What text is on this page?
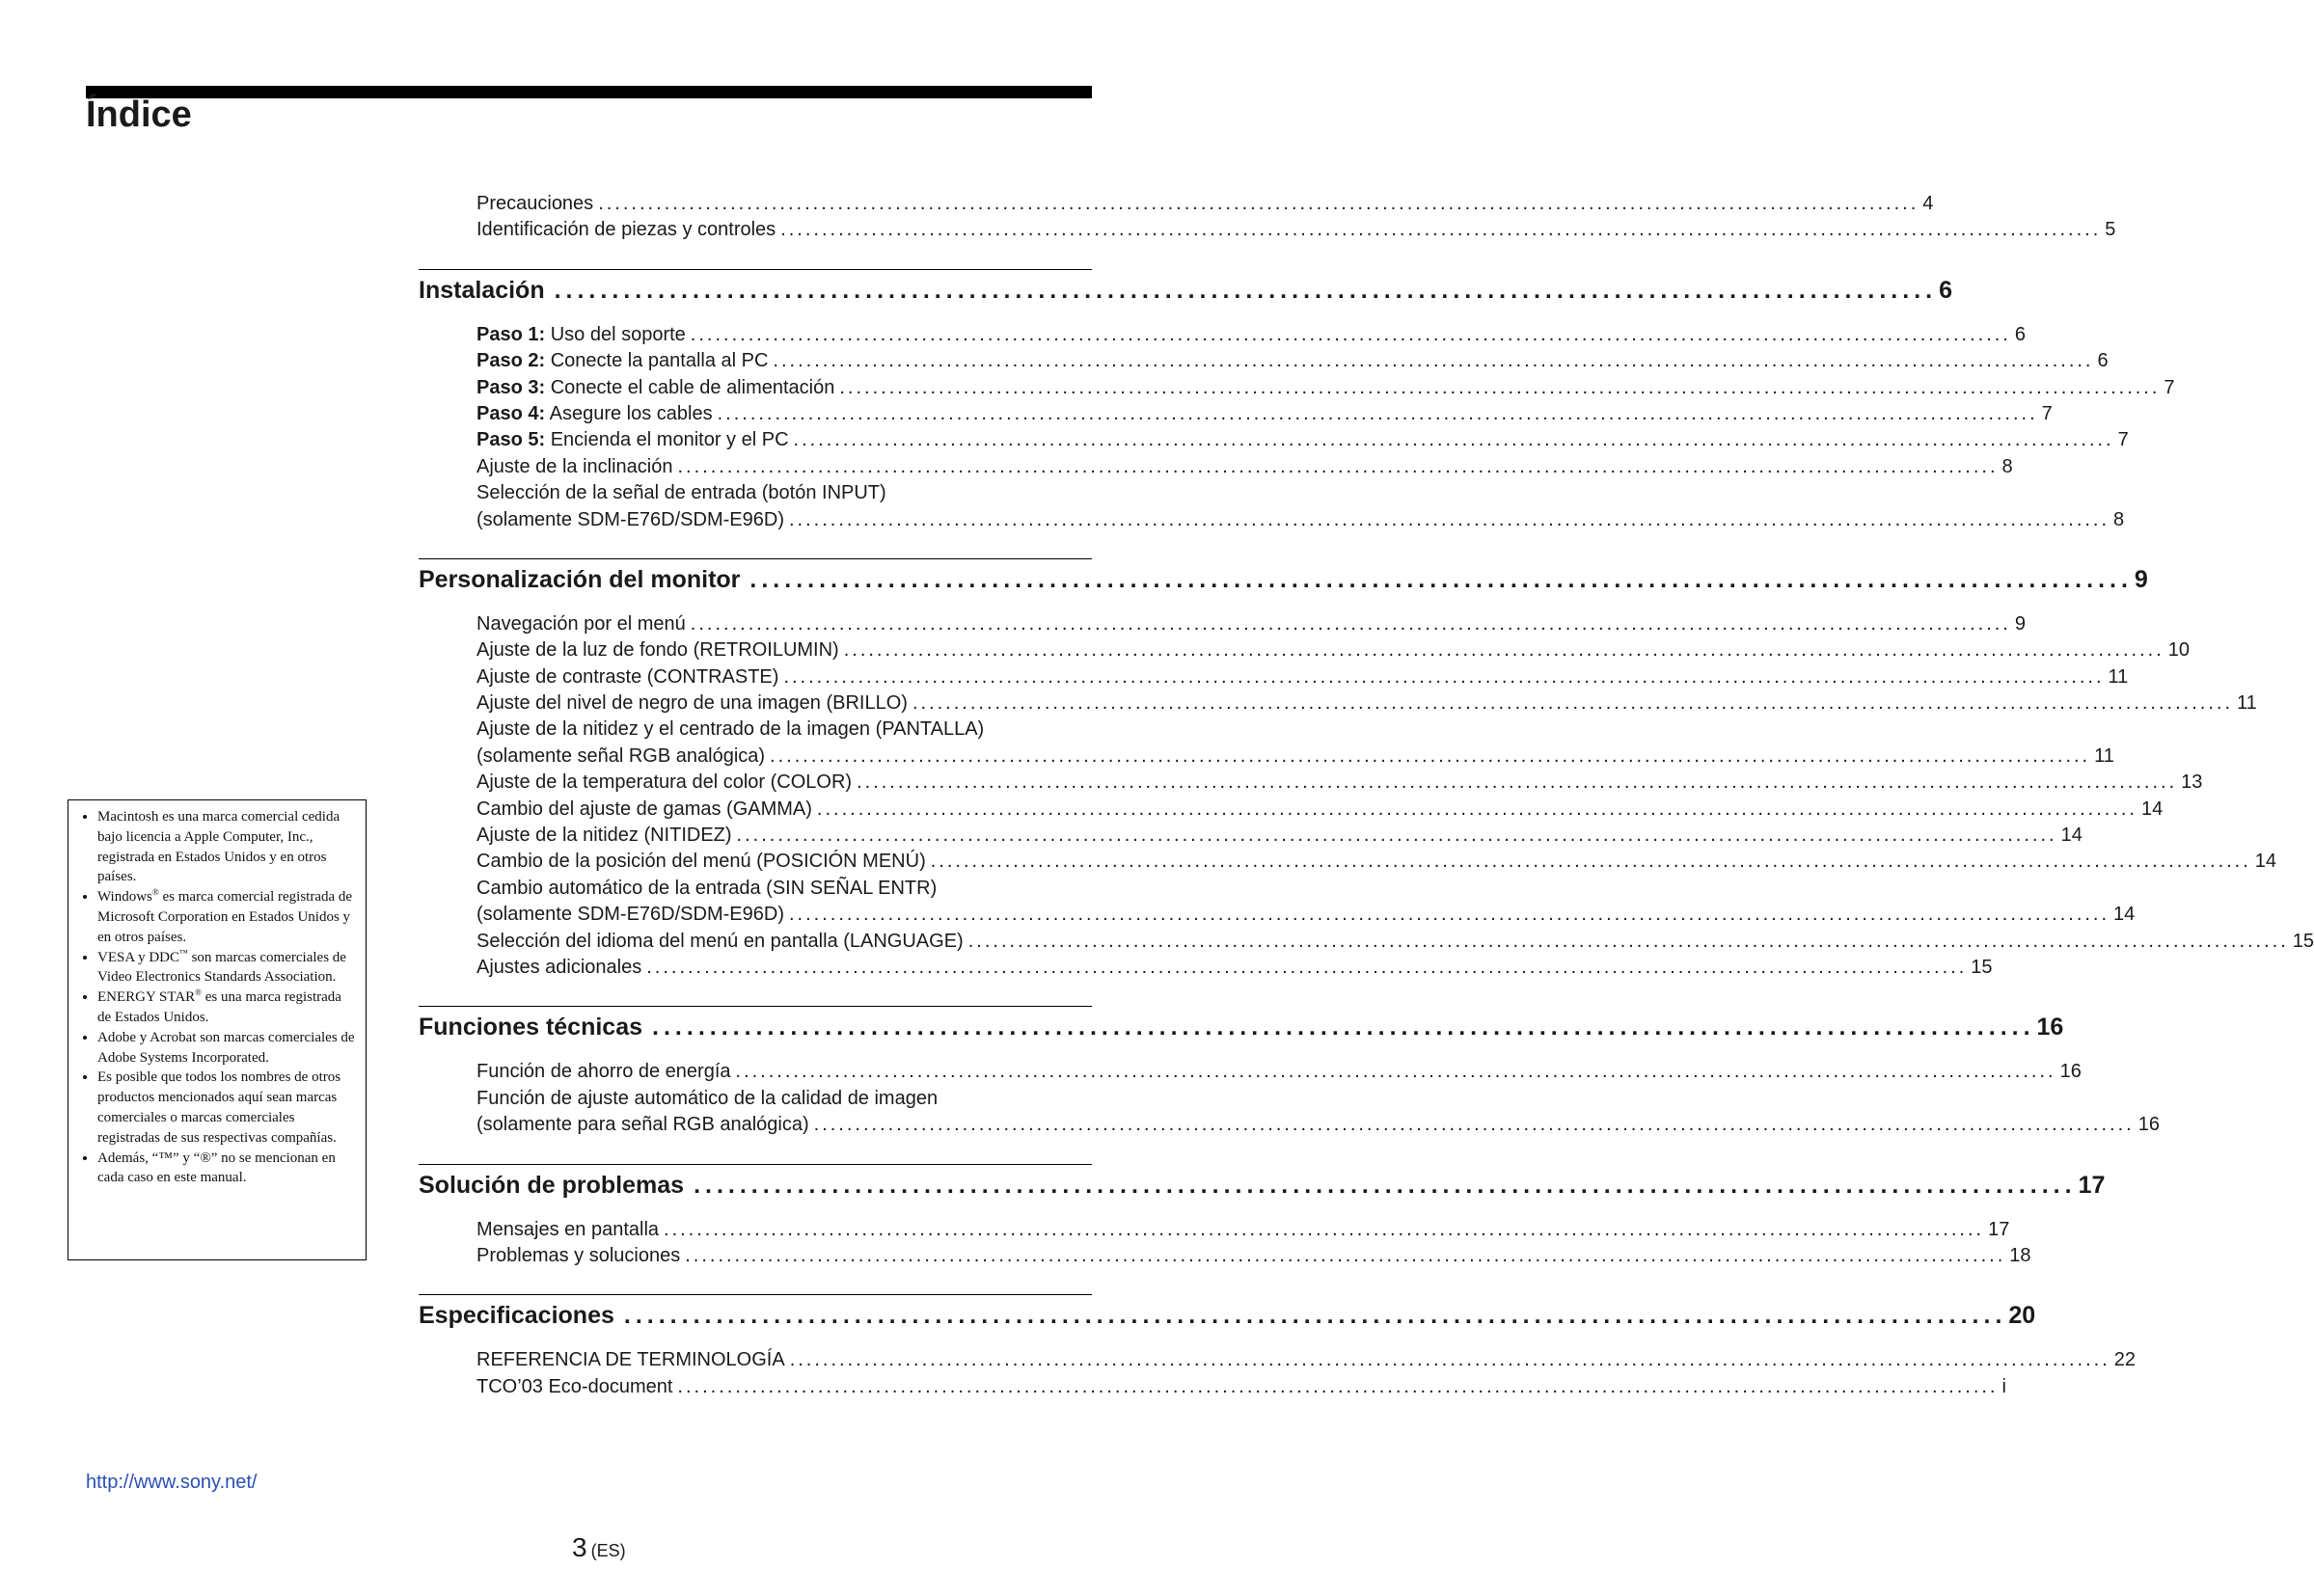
Índice
Precauciones ................................................................................................................................................................ 4
Identificación de piezas y controles ................................................................................................................................................................ 5
Instalación ........................................................................................................................ 6
Paso 1: Uso del soporte ................................................................................................................................................................ 6
Paso 2: Conecte la pantalla al PC ................................................................................................................................................................ 6
Paso 3: Conecte el cable de alimentación ................................................................................................................................................................ 7
Paso 4: Asegure los cables ................................................................................................................................................................ 7
Paso 5: Encienda el monitor y el PC ................................................................................................................................................................ 7
Ajuste de la inclinación ................................................................................................................................................................ 8
Selección de la señal de entrada (botón INPUT)
(solamente SDM-E76D/SDM-E96D) ................................................................................................................................................................ 8
Personalización del monitor ........................................................................................................................ 9
Navegación por el menú ................................................................................................................................................................ 9
Ajuste de la luz de fondo (RETROILUMIN) ................................................................................................................................................................ 10
Ajuste de contraste (CONTRASTE) ................................................................................................................................................................ 11
Ajuste del nivel de negro de una imagen (BRILLO) ................................................................................................................................................................ 11
Ajuste de la nitidez y el centrado de la imagen (PANTALLA)
(solamente señal RGB analógica) ................................................................................................................................................................ 11
Ajuste de la temperatura del color (COLOR) ................................................................................................................................................................ 13
Cambio del ajuste de gamas (GAMMA) ................................................................................................................................................................ 14
Ajuste de la nitidez (NITIDEZ) ................................................................................................................................................................ 14
Cambio de la posición del menú (POSICIÓN MENÚ) ................................................................................................................................................................ 14
Cambio automático de la entrada (SIN SEÑAL ENTR)
(solamente SDM-E76D/SDM-E96D) ................................................................................................................................................................ 14
Selección del idioma del menú en pantalla (LANGUAGE) ................................................................................................................................................................ 15
Ajustes adicionales ................................................................................................................................................................ 15
Funciones técnicas ........................................................................................................................ 16
Función de ahorro de energía ................................................................................................................................................................ 16
Función de ajuste automático de la calidad de imagen
(solamente para señal RGB analógica) ................................................................................................................................................................ 16
Solución de problemas ........................................................................................................................ 17
Mensajes en pantalla ................................................................................................................................................................ 17
Problemas y soluciones ................................................................................................................................................................ 18
Especificaciones ........................................................................................................................ 20
REFERENCIA DE TERMINOLOGÍA ................................................................................................................................................................ 22
TCO’03 Eco-document ................................................................................................................................................................ i
• Macintosh es una marca comercial cedida bajo licencia a Apple Computer, Inc., registrada en Estados Unidos y en otros países.
• Windows® es marca comercial registrada de Microsoft Corporation en Estados Unidos y en otros países.
• VESA y DDC™ son marcas comerciales de Video Electronics Standards Association.
• ENERGY STAR® es una marca registrada de Estados Unidos.
• Adobe y Acrobat son marcas comerciales de Adobe Systems Incorporated.
• Es posible que todos los nombres de otros productos mencionados aquí sean marcas comerciales o marcas comerciales registradas de sus respectivas compañías.
• Además, “™” y “®” no se mencionan en cada caso en este manual.
http://www.sony.net/
3 (ES)
